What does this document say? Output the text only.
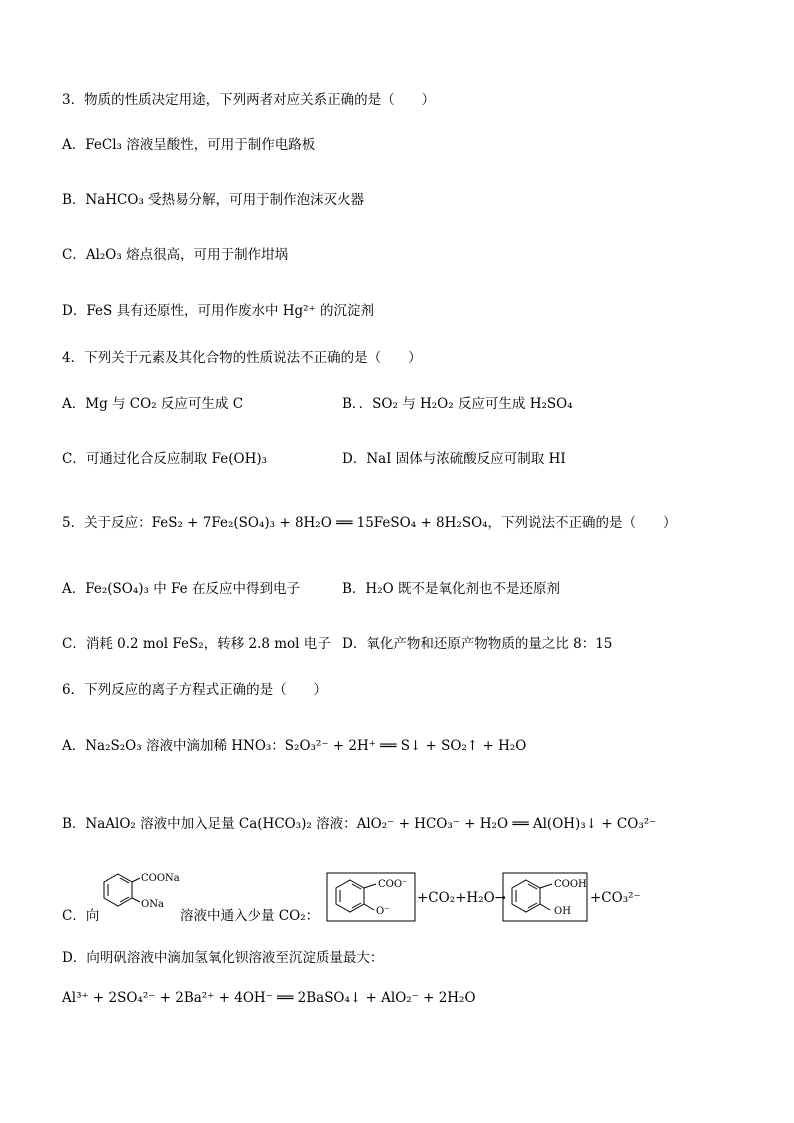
3．物质的性质决定用途，下列两者对应关系正确的是（　　）
A．FeCl₃ 溶液呈酸性，可用于制作电路板
B．NaHCO₃ 受热易分解，可用于制作泡沫灭火器
C．Al₂O₃ 熔点很高，可用于制作坩埚
D．FeS 具有还原性，可用作废水中 Hg²⁺ 的沉淀剂
4．下列关于元素及其化合物的性质说法不正确的是（　　）
A．Mg 与 CO₂ 反应可生成 C	B．．SO₂ 与 H₂O₂ 反应可生成 H₂SO₄
C．可通过化合反应制取 Fe(OH)₃	D．NaI 固体与浓硫酸反应可制取 HI
5．关于反应：FeS₂ + 7Fe₂(SO₄)₃ + 8H₂O ══ 15FeSO₄ + 8H₂SO₄，下列说法不正确的是（　　）
A．Fe₂(SO₄)₃ 中 Fe 在反应中得到电子	B．H₂O 既不是氧化剂也不是还原剂
C．消耗 0.2 mol FeS₂，转移 2.8 mol 电子 D．氧化产物和还原产物物质的量之比 8：15
6．下列反应的离子方程式正确的是（　　）
A．Na₂S₂O₃ 溶液中滴加稀 HNO₃：S₂O₃²⁻ + 2H⁺ ══ S↓ + SO₂↑ + H₂O
B．NaAlO₂ 溶液中加入足量 Ca(HCO₃)₂ 溶液：AlO₂⁻ + HCO₃⁻ + H₂O ══ Al(OH)₃↓ + CO₃²⁻
C．向
COONa
ONa
溶液中通入少量 CO₂：
COO⁻
O⁻
+CO₂+H₂O→
COOH
OH
+CO₃²⁻
D．向明矾溶液中滴加氢氧化钡溶液至沉淀质量最大：
Al³⁺ + 2SO₄²⁻ + 2Ba²⁺ + 4OH⁻ ══ 2BaSO₄↓ + AlO₂⁻ + 2H₂O
